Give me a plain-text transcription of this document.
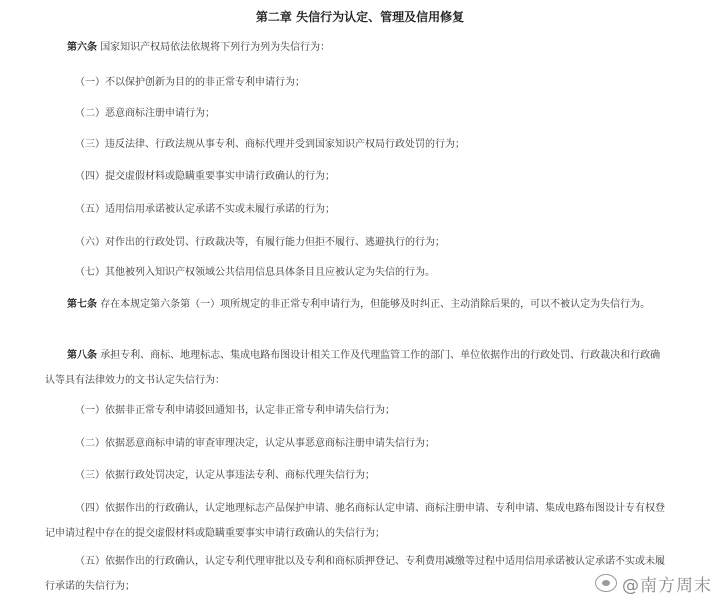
第二章 失信行为认定、管理及信用修复
第六条 国家知识产权局依法依规将下列行为列为失信行为：
（一）不以保护创新为目的的非正常专利申请行为；
（二）恶意商标注册申请行为；
（三）违反法律、行政法规从事专利、商标代理并受到国家知识产权局行政处罚的行为；
（四）提交虚假材料或隐瞒重要事实申请行政确认的行为；
（五）适用信用承诺被认定承诺不实或未履行承诺的行为；
（六）对作出的行政处罚、行政裁决等，有履行能力但拒不履行、逃避执行的行为；
（七）其他被列入知识产权领域公共信用信息具体条目且应被认定为失信的行为。
第七条 存在本规定第六条第（一）项所规定的非正常专利申请行为，但能够及时纠正、主动消除后果的，可以不被认定为失信行为。
第八条 承担专利、商标、地理标志、集成电路布图设计相关工作及代理监管工作的部门、单位依据作出的行政处罚、行政裁决和行政确认等具有法律效力的文书认定失信行为：
（一）依据非正常专利申请驳回通知书，认定非正常专利申请失信行为；
（二）依据恶意商标申请的审查审理决定，认定从事恶意商标注册申请失信行为；
（三）依据行政处罚决定，认定从事违法专利、商标代理失信行为；
（四）依据作出的行政确认，认定地理标志产品保护申请、驰名商标认定申请、商标注册申请、专利申请、集成电路布图设计专有权登记申请过程中存在的提交虚假材料或隐瞒重要事实申请行政确认的失信行为；
（五）依据作出的行政确认，认定专利代理审批以及专利和商标质押登记、专利费用减缴等过程中适用信用承诺被认定承诺不实或未履行承诺的失信行为；	@南方周末
